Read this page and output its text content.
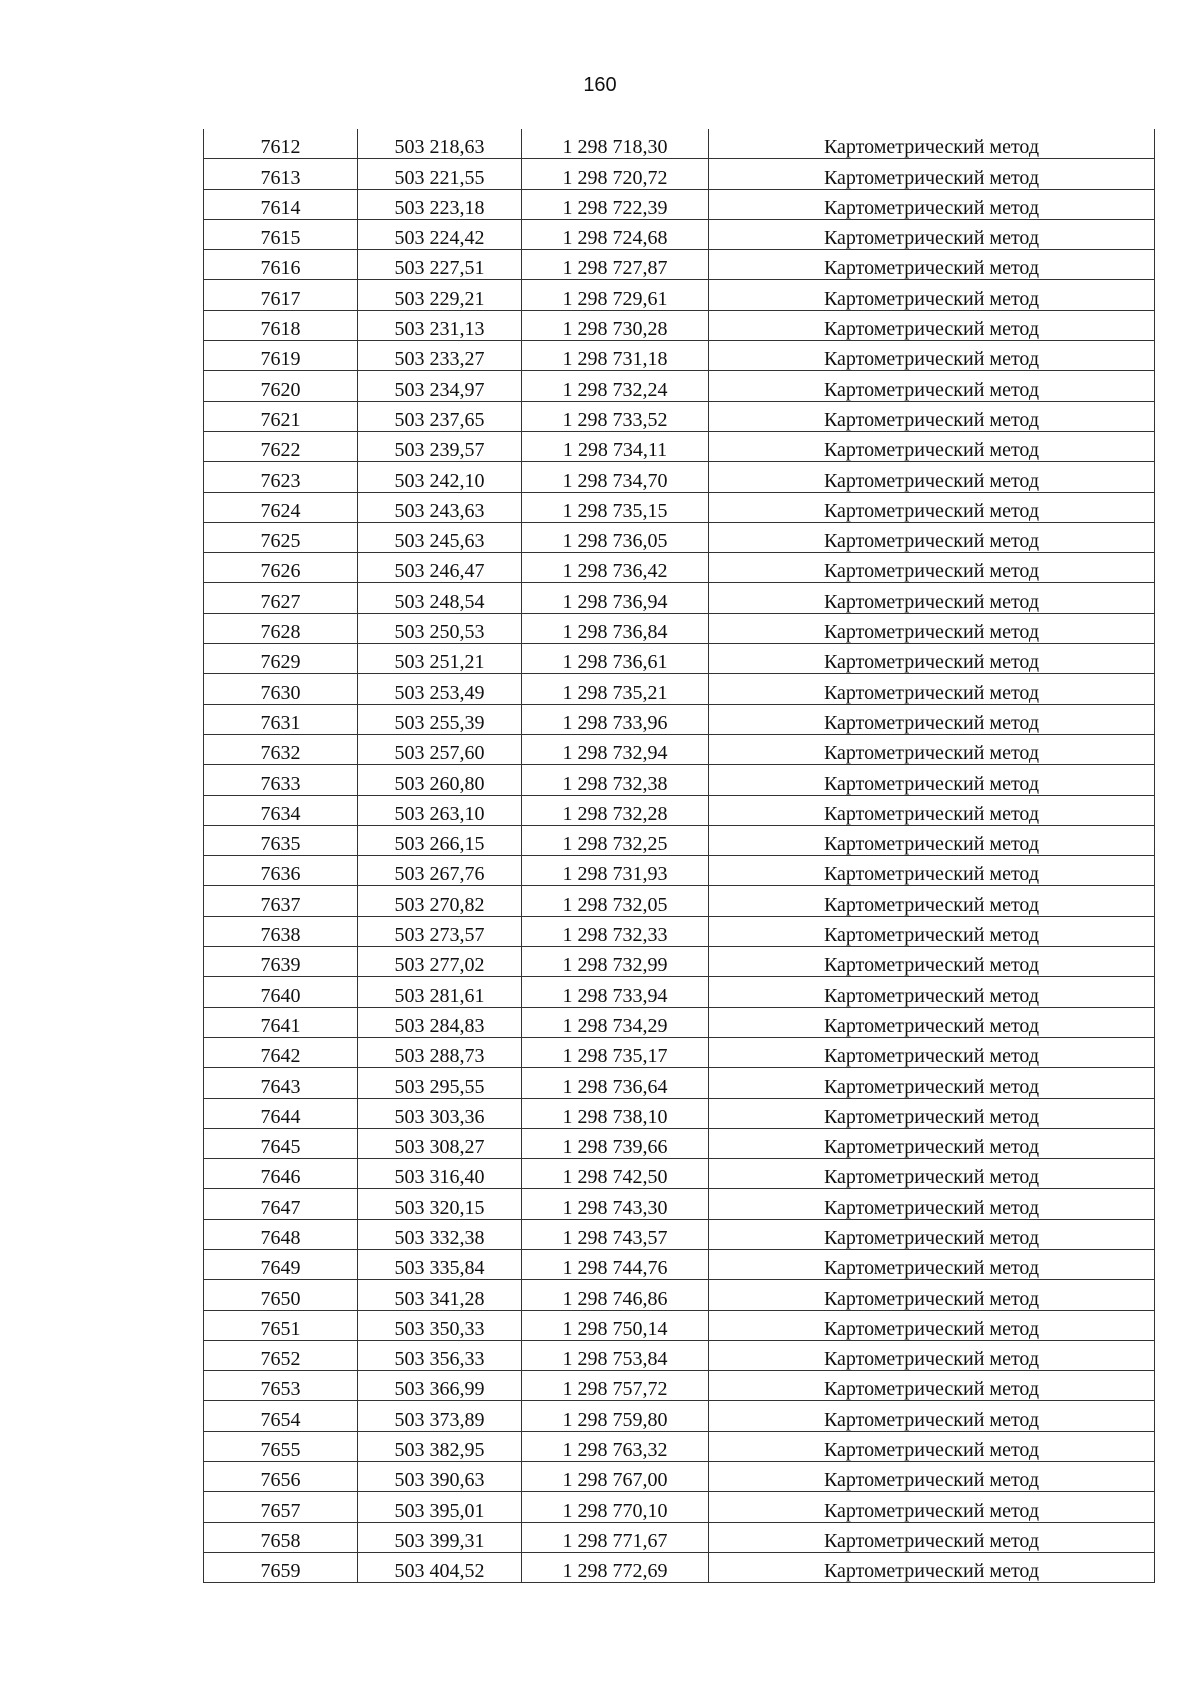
160
7612	503 218,63	1 298 718,30	Картометрический метод
7613	503 221,55	1 298 720,72	Картометрический метод
7614	503 223,18	1 298 722,39	Картометрический метод
7615	503 224,42	1 298 724,68	Картометрический метод
7616	503 227,51	1 298 727,87	Картометрический метод
7617	503 229,21	1 298 729,61	Картометрический метод
7618	503 231,13	1 298 730,28	Картометрический метод
7619	503 233,27	1 298 731,18	Картометрический метод
7620	503 234,97	1 298 732,24	Картометрический метод
7621	503 237,65	1 298 733,52	Картометрический метод
7622	503 239,57	1 298 734,11	Картометрический метод
7623	503 242,10	1 298 734,70	Картометрический метод
7624	503 243,63	1 298 735,15	Картометрический метод
7625	503 245,63	1 298 736,05	Картометрический метод
7626	503 246,47	1 298 736,42	Картометрический метод
7627	503 248,54	1 298 736,94	Картометрический метод
7628	503 250,53	1 298 736,84	Картометрический метод
7629	503 251,21	1 298 736,61	Картометрический метод
7630	503 253,49	1 298 735,21	Картометрический метод
7631	503 255,39	1 298 733,96	Картометрический метод
7632	503 257,60	1 298 732,94	Картометрический метод
7633	503 260,80	1 298 732,38	Картометрический метод
7634	503 263,10	1 298 732,28	Картометрический метод
7635	503 266,15	1 298 732,25	Картометрический метод
7636	503 267,76	1 298 731,93	Картометрический метод
7637	503 270,82	1 298 732,05	Картометрический метод
7638	503 273,57	1 298 732,33	Картометрический метод
7639	503 277,02	1 298 732,99	Картометрический метод
7640	503 281,61	1 298 733,94	Картометрический метод
7641	503 284,83	1 298 734,29	Картометрический метод
7642	503 288,73	1 298 735,17	Картометрический метод
7643	503 295,55	1 298 736,64	Картометрический метод
7644	503 303,36	1 298 738,10	Картометрический метод
7645	503 308,27	1 298 739,66	Картометрический метод
7646	503 316,40	1 298 742,50	Картометрический метод
7647	503 320,15	1 298 743,30	Картометрический метод
7648	503 332,38	1 298 743,57	Картометрический метод
7649	503 335,84	1 298 744,76	Картометрический метод
7650	503 341,28	1 298 746,86	Картометрический метод
7651	503 350,33	1 298 750,14	Картометрический метод
7652	503 356,33	1 298 753,84	Картометрический метод
7653	503 366,99	1 298 757,72	Картометрический метод
7654	503 373,89	1 298 759,80	Картометрический метод
7655	503 382,95	1 298 763,32	Картометрический метод
7656	503 390,63	1 298 767,00	Картометрический метод
7657	503 395,01	1 298 770,10	Картометрический метод
7658	503 399,31	1 298 771,67	Картометрический метод
7659	503 404,52	1 298 772,69	Картометрический метод
